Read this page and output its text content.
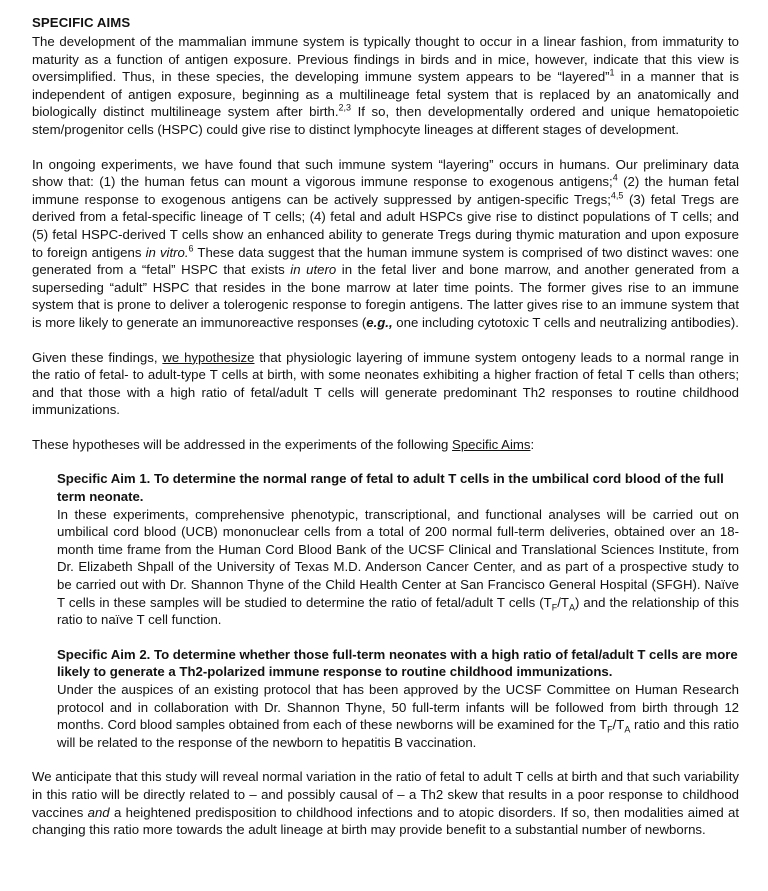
SPECIFIC AIMS

The development of the mammalian immune system is typically thought to occur in a linear fashion, from immaturity to maturity as a function of antigen exposure. Previous findings in birds and in mice, however, indicate that this view is oversimplified. Thus, in these species, the developing immune system appears to be “layered”$^1$ in a manner that is independent of antigen exposure, beginning as a multilineage fetal system that is replaced by an anatomically and biologically distinct multilineage system after birth.$^{2,3}$ If so, then developmentally ordered and unique hematopoietic stem/progenitor cells (HSPC) could give rise to distinct lymphocyte lineages at different stages of development.

In ongoing experiments, we have found that such immune system “layering” occurs in humans. Our preliminary data show that: (1) the human fetus can mount a vigorous immune response to exogenous antigens;$^4$ (2) the human fetal immune response to exogenous antigens can be actively suppressed by antigen-specific Tregs;$^{4,5}$ (3) fetal Tregs are derived from a fetal-specific lineage of T cells; (4) fetal and adult HSPCs give rise to distinct populations of T cells; and (5) fetal HSPC-derived T cells show an enhanced ability to generate Tregs during thymic maturation and upon exposure to foreign antigens in vitro.$^6$ These data suggest that the human immune system is comprised of two distinct waves: one generated from a “fetal” HSPC that exists in utero in the fetal liver and bone marrow, and another generated from a superseding “adult” HSPC that resides in the bone marrow at later time points. The former gives rise to an immune system that is prone to deliver a tolerogenic response to foregin antigens. The latter gives rise to an immune system that is more likely to generate an immunoreactive responses (e.g., one including cytotoxic T cells and neutralizing antibodies).

Given these findings, we hypothesize that physiologic layering of immune system ontogeny leads to a normal range in the ratio of fetal- to adult-type T cells at birth, with some neonates exhibiting a higher fraction of fetal T cells than others; and that those with a high ratio of fetal/adult T cells will generate predominant Th2 responses to routine childhood immunizations.

These hypotheses will be addressed in the experiments of the following Specific Aims:

Specific Aim 1. To determine the normal range of fetal to adult T cells in the umbilical cord blood of the full term neonate.

In these experiments, comprehensive phenotypic, transcriptional, and functional analyses will be carried out on umbilical cord blood (UCB) mononuclear cells from a total of 200 normal full-term deliveries, obtained over an 18-month time frame from the Human Cord Blood Bank of the UCSF Clinical and Translational Sciences Institute, from Dr. Elizabeth Shpall of the University of Texas M.D. Anderson Cancer Center, and as part of a prospective study to be carried out with Dr. Shannon Thyne of the Child Health Center at San Francisco General Hospital (SFGH). Naïve T cells in these samples will be studied to determine the ratio of fetal/adult T cells $(T_F/T_A)$ and the relationship of this ratio to naïve T cell function.

Specific Aim 2. To determine whether those full-term neonates with a high ratio of fetal/adult T cells are more likely to generate a Th2-polarized immune response to routine childhood immunizations.

Under the auspices of an existing protocol that has been approved by the UCSF Committee on Human Research protocol and in collaboration with Dr. Shannon Thyne, 50 full-term infants will be followed from birth through 12 months. Cord blood samples obtained from each of these newborns will be examined for the $T_F/T_A$ ratio and this ratio will be related to the response of the newborn to hepatitis B vaccination.

We anticipate that this study will reveal normal variation in the ratio of fetal to adult T cells at birth and that such variability in this ratio will be directly related to – and possibly causal of – a Th2 skew that results in a poor response to childhood vaccines and a heightened predisposition to childhood infections and to atopic disorders. If so, then modalities aimed at changing this ratio more towards the adult lineage at birth may provide benefit to a substantial number of newborns.
